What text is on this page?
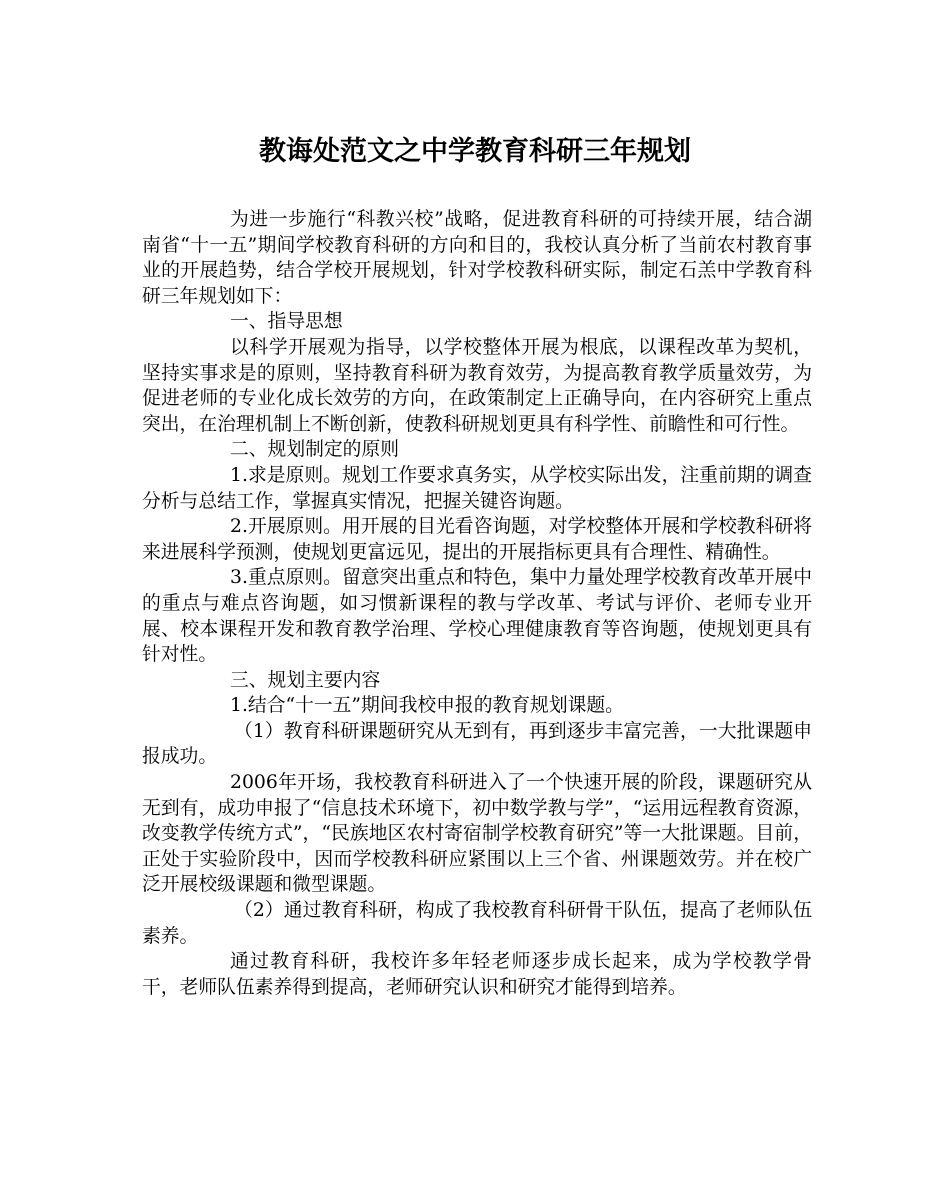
教诲处范文之中学教育科研三年规划

为进一步施行“科教兴校”战略，促进教育科研的可持续开展，结合湖南省“十一五”期间学校教育科研的方向和目的，我校认真分析了当前农村教育事业的开展趋势，结合学校开展规划，针对学校教科研实际，制定石羔中学教育科研三年规划如下：

一、指导思想

以科学开展观为指导，以学校整体开展为根底，以课程改革为契机，坚持实事求是的原则，坚持教育科研为教育效劳，为提高教育教学质量效劳，为促进老师的专业化成长效劳的方向，在政策制定上正确导向，在内容研究上重点突出，在治理机制上不断创新，使教科研规划更具有科学性、前瞻性和可行性。

二、规划制定的原则

1.求是原则。规划工作要求真务实，从学校实际出发，注重前期的调查分析与总结工作，掌握真实情况，把握关键咨询题。

2.开展原则。用开展的目光看咨询题，对学校整体开展和学校教科研将来进展科学预测，使规划更富远见，提出的开展指标更具有合理性、精确性。

3.重点原则。留意突出重点和特色，集中力量处理学校教育改革开展中的重点与难点咨询题，如习惯新课程的教与学改革、考试与评价、老师专业开展、校本课程开发和教育教学治理、学校心理健康教育等咨询题，使规划更具有针对性。

三、规划主要内容

1.结合“十一五”期间我校申报的教育规划课题。

（1）教育科研课题研究从无到有，再到逐步丰富完善，一大批课题申报成功。

2006年开场，我校教育科研进入了一个快速开展的阶段，课题研究从无到有，成功申报了“信息技术环境下，初中数学教与学”，“运用远程教育资源，改变教学传统方式”，“民族地区农村寄宿制学校教育研究”等一大批课题。目前，正处于实验阶段中，因而学校教科研应紧围以上三个省、州课题效劳。并在校广泛开展校级课题和微型课题。

（2）通过教育科研，构成了我校教育科研骨干队伍，提高了老师队伍素养。

通过教育科研，我校许多年轻老师逐步成长起来，成为学校教学骨干，老师队伍素养得到提高，老师研究认识和研究才能得到培养。
